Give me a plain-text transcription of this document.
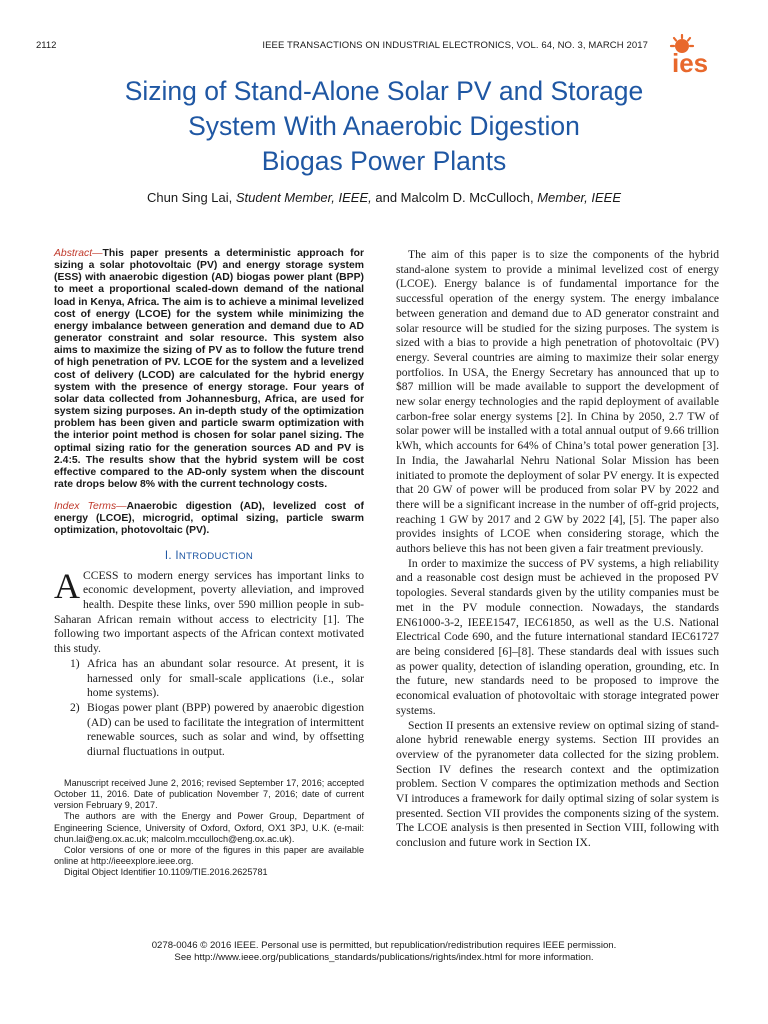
2112	IEEE TRANSACTIONS ON INDUSTRIAL ELECTRONICS, VOL. 64, NO. 3, MARCH 2017
ies
Sizing of Stand-Alone Solar PV and Storage
System With Anaerobic Digestion
Biogas Power Plants
Chun Sing Lai, Student Member, IEEE, and Malcolm D. McCulloch, Member, IEEE
Abstract—This paper presents a deterministic approach for sizing a solar photovoltaic (PV) and energy storage system (ESS) with anaerobic digestion (AD) biogas power plant (BPP) to meet a proportional scaled-down demand of the national load in Kenya, Africa. The aim is to achieve a minimal levelized cost of energy (LCOE) for the system while minimizing the energy imbalance between generation and demand due to AD generator constraint and solar resource. This system also aims to maximize the sizing of PV as to follow the future trend of high penetration of PV. LCOE for the system and a levelized cost of delivery (LCOD) are calculated for the hybrid energy system with the presence of energy storage. Four years of solar data collected from Johannesburg, Africa, are used for system sizing purposes. An in-depth study of the optimization problem has been given and particle swarm optimization with the interior point method is chosen for solar panel sizing. The optimal sizing ratio for the generation sources AD and PV is 2.4:5. The results show that the hybrid system will be cost effective compared to the AD-only system when the discount rate drops below 8% with the current technology costs.
Index Terms—Anaerobic digestion (AD), levelized cost of energy (LCOE), microgrid, optimal sizing, particle swarm optimization, photovoltaic (PV).
I. INTRODUCTION
A CCESS to modern energy services has important links to economic development, poverty alleviation, and improved health. Despite these links, over 590 million people in sub-Saharan African remain without access to electricity [1]. The following two important aspects of the African context motivated this study.
1) Africa has an abundant solar resource. At present, it is harnessed only for small-scale applications (i.e., solar home systems).
2) Biogas power plant (BPP) powered by anaerobic digestion (AD) can be used to facilitate the integration of intermittent renewable sources, such as solar and wind, by offsetting diurnal fluctuations in output.

Manuscript received June 2, 2016; revised September 17, 2016; accepted October 11, 2016. Date of publication November 7, 2016; date of current version February 9, 2017.

The authors are with the Energy and Power Group, Department of Engineering Science, University of Oxford, Oxford, OX1 3PJ, U.K. (e-mail: chun.lai@eng.ox.ac.uk; malcolm.mcculloch@eng.ox.ac.uk).

Color versions of one or more of the figures in this paper are available online at http://ieeexplore.ieee.org.

Digital Object Identifier 10.1109/TIE.2016.2625781

The aim of this paper is to size the components of the hybrid stand-alone system to provide a minimal levelized cost of energy (LCOE). Energy balance is of fundamental importance for the successful operation of the energy system. The energy imbalance between generation and demand due to AD generator constraint and solar resource will be studied for the sizing purposes. The system is sized with a bias to provide a high penetration of photovoltaic (PV) energy. Several countries are aiming to maximize their solar energy portfolios. In USA, the Energy Secretary has announced that up to $87 million will be made available to support the development of new solar energy technologies and the rapid deployment of available carbon-free solar energy systems [2]. In China by 2050, 2.7 TW of solar power will be installed with a total annual output of 9.66 trillion kWh, which accounts for 64% of China’s total power generation [3]. In India, the Jawaharlal Nehru National Solar Mission has been initiated to promote the deployment of solar PV energy. It is expected that 20 GW of power will be produced from solar PV by 2022 and there will be a significant increase in the number of off-grid projects, reaching 1 GW by 2017 and 2 GW by 2022 [4], [5]. The paper also provides insights of LCOE when considering storage, which the authors believe this has not been given a fair treatment previously.

In order to maximize the success of PV systems, a high reliability and a reasonable cost design must be achieved in the proposed PV topologies. Several standards given by the utility companies must be met in the PV module connection. Nowadays, the standards EN61000-3-2, IEEE1547, IEC61850, as well as the U.S. National Electrical Code 690, and the future international standard IEC61727 are being considered [6]–[8]. These standards deal with issues such as power quality, detection of islanding operation, grounding, etc. In the future, new standards need to be proposed to improve the economical evaluation of photovoltaic with storage integrated power systems.

Section II presents an extensive review on optimal sizing of stand-alone hybrid renewable energy systems. Section III provides an overview of the pyranometer data collected for the sizing problem. Section IV defines the research context and the optimization problem. Section V compares the optimization methods and Section VI introduces a framework for daily optimal sizing of solar system is presented. Section VII provides the components sizing of the system. The LCOE analysis is then presented in Section VIII, following with conclusion and future work in Section IX.

0278-0046 © 2016 IEEE. Personal use is permitted, but republication/redistribution requires IEEE permission.
See http://www.ieee.org/publications_standards/publications/rights/index.html for more information.
